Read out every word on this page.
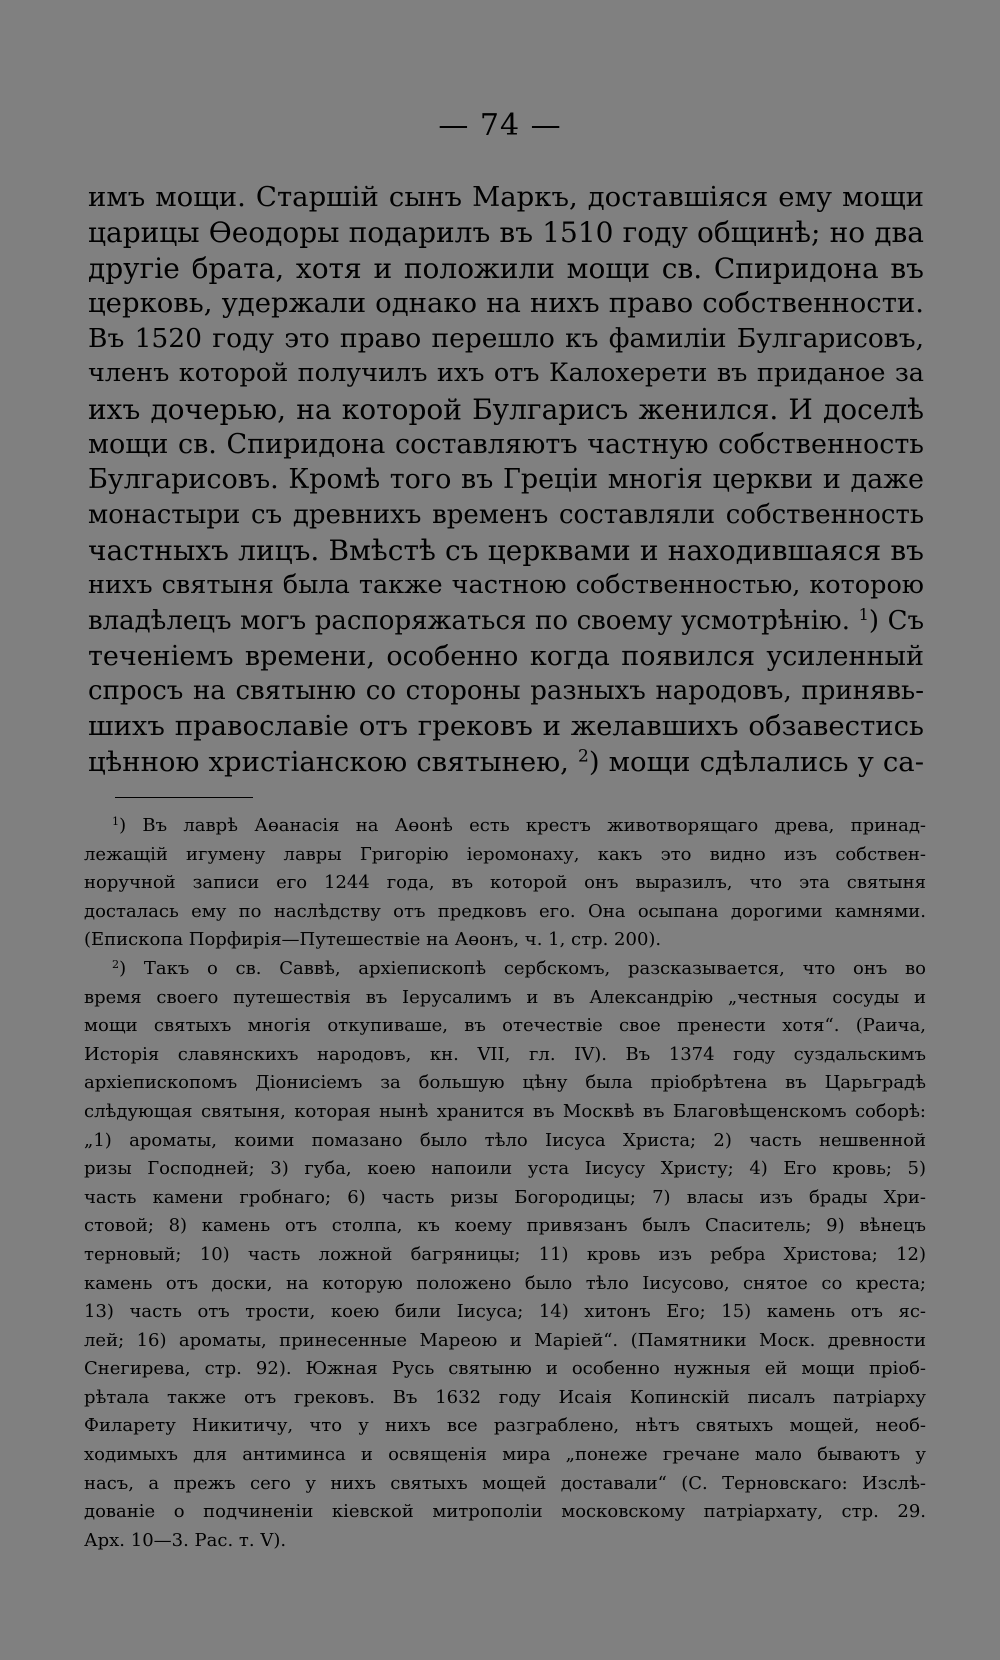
— 74 —
имъ мощи. Старшій сынъ Маркъ, доставшіяся ему мощи
царицы Өеодоры подарилъ въ 1510 году общинѣ; но два
другіе брата, хотя и положили мощи св. Спиридона въ
церковь, удержали однако на нихъ право собственности.
Въ 1520 году это право перешло къ фамиліи Булгарисовъ,
членъ которой получилъ ихъ отъ Калохерети въ приданое за
ихъ дочерью, на которой Булгарисъ женился. И доселѣ
мощи св. Спиридона составляютъ частную собственность
Булгарисовъ. Кромѣ того въ Греціи многія церкви и даже
монастыри съ древнихъ временъ составляли собственность
частныхъ лицъ. Вмѣстѣ съ церквами и находившаяся въ
нихъ святыня была также частною собственностью, которою
владѣлецъ могъ распоряжаться по своему усмотрѣнію. $^1$) Съ
теченіемъ времени, особенно когда появился усиленный
спросъ на святыню со стороны разныхъ народовъ, принявь-
шихъ православіе отъ грековъ и желавшихъ обзавестись
цѣнною христіанскою святынею, $^2$) мощи сдѣлались у са-
$^1$) Въ лаврѣ Аөанасія на Аөонѣ есть крестъ животворящаго древа, принад-
лежащій игумену лавры Григорію іеромонаху, какъ это видно изъ собствен-
норучной записи его 1244 года, въ которой онъ выразилъ, что эта святыня
досталась ему по наслѣдству отъ предковъ его. Она осыпана дорогими камнями.
(Епископа Порфирія—Путешествіе на Аөонъ, ч. 1, стр. 200).
$^2$) Такъ о св. Саввѣ, архіепископѣ сербскомъ, разсказывается, что онъ во
время своего путешествія въ Іерусалимъ и въ Александрію „честныя сосуды и
мощи святыхъ многія откупиваше, въ отечествіе свое пренести хотя“. (Раича,
Исторія славянскихъ народовъ, кн. VII, гл. IV). Въ 1374 году суздальскимъ
архіепископомъ Діонисіемъ за большую цѣну была пріобрѣтена въ Царьградѣ
слѣдующая святыня, которая нынѣ хранится въ Москвѣ въ Благовѣщенскомъ соборѣ:
„1) ароматы, коими помазано было тѣло Іисуса Христа; 2) часть нешвенной
ризы Господней; 3) губа, коею напоили уста Іисусу Христу; 4) Его кровь; 5)
часть камени гробнаго; 6) часть ризы Богородицы; 7) власы изъ брады Хри-
стовой; 8) камень отъ столпа, къ коему привязанъ былъ Спаситель; 9) вѣнецъ
терновый; 10) часть ложной багряницы; 11) кровь изъ ребра Христова; 12)
камень отъ доски, на которую положено было тѣло Іисусово, снятое со креста;
13) часть отъ трости, коею били Іисуса; 14) хитонъ Его; 15) камень отъ яс-
лей; 16) ароматы, принесенные Мареою и Маріей“. (Памятники Моск. древности
Снегирева, стр. 92). Южная Русь святыню и особенно нужныя ей мощи пріоб-
рѣтала также отъ грековъ. Въ 1632 году Исаія Копинскій писалъ патріарху
Филарету Никитичу, что у нихъ все разграблено, нѣтъ святыхъ мощей, необ-
ходимыхъ для антиминса и освященія мира „понеже гречане мало бываютъ у
насъ, а прежъ сего у нихъ святыхъ мощей доставали“ (С. Терновскаго: Изслѣ-
дованіе о подчиненіи кіевской митрополіи московскому патріархату, стр. 29.
Арх. 10—3. Рас. т. V).
